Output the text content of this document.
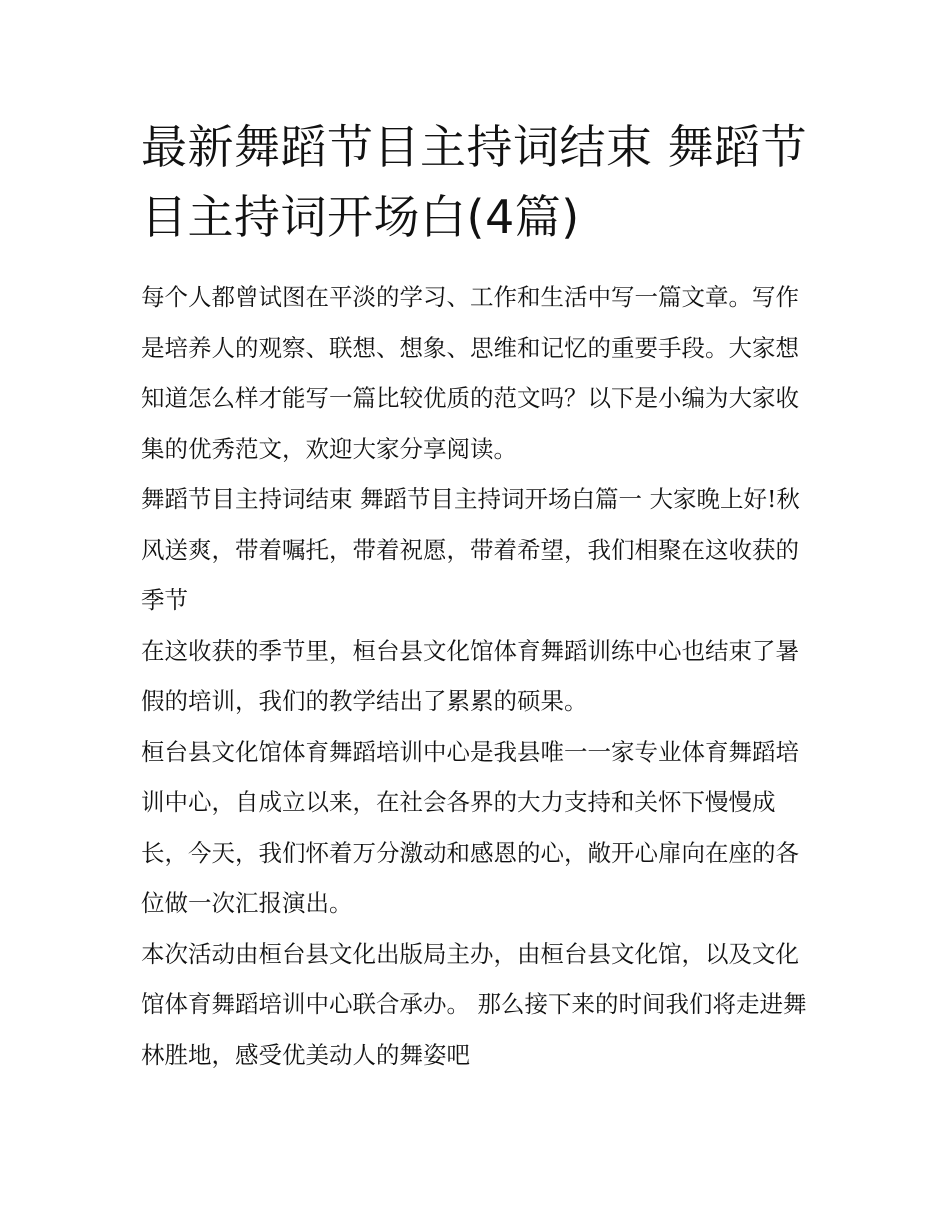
最新舞蹈节目主持词结束 舞蹈节目主持词开场白(4篇)

每个人都曾试图在平淡的学习、工作和生活中写一篇文章。写作是培养人的观察、联想、想象、思维和记忆的重要手段。大家想知道怎么样才能写一篇比较优质的范文吗？以下是小编为大家收集的优秀范文，欢迎大家分享阅读。

舞蹈节目主持词结束 舞蹈节目主持词开场白篇一 大家晚上好!秋风送爽，带着嘱托，带着祝愿，带着希望，我们相聚在这收获的季节

在这收获的季节里，桓台县文化馆体育舞蹈训练中心也结束了暑假的培训，我们的教学结出了累累的硕果。

桓台县文化馆体育舞蹈培训中心是我县唯一一家专业体育舞蹈培训中心，自成立以来，在社会各界的大力支持和关怀下慢慢成长，今天，我们怀着万分激动和感恩的心，敞开心扉向在座的各位做一次汇报演出。

本次活动由桓台县文化出版局主办，由桓台县文化馆，以及文化馆体育舞蹈培训中心联合承办。 那么接下来的时间我们将走进舞林胜地，感受优美动人的舞姿吧
